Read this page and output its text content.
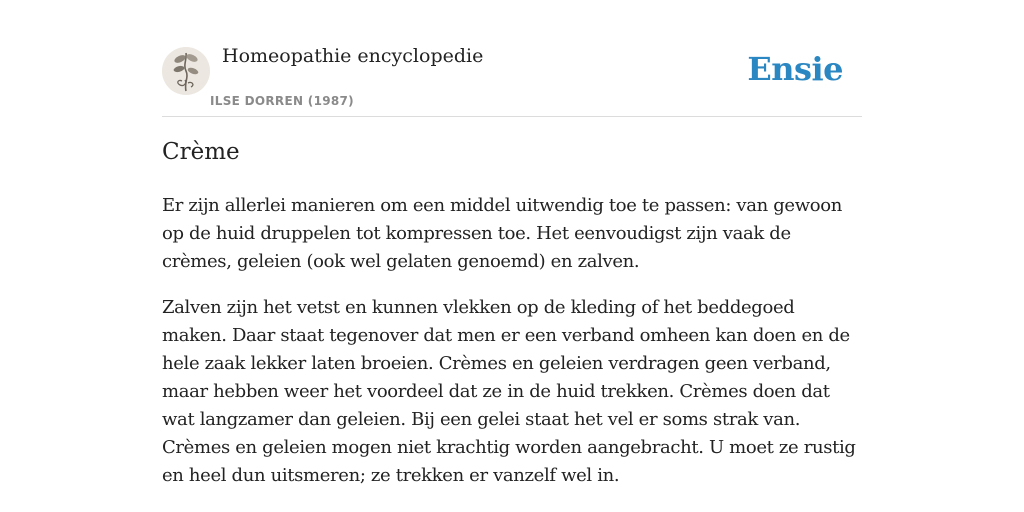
Homeopathie encyclopedie
ILSE DORREN (1987)
Ensie
Crème

Er zijn allerlei manieren om een middel uitwendig toe te passen: van gewoon op de huid druppelen tot kompressen toe. Het eenvoudigst zijn vaak de crèmes, geleien (ook wel gelaten genoemd) en zalven.

Zalven zijn het vetst en kunnen vlekken op de kleding of het beddegoed maken. Daar staat tegenover dat men er een verband omheen kan doen en de hele zaak lekker laten broeien. Crèmes en geleien verdragen geen verband, maar hebben weer het voordeel dat ze in de huid trekken. Crèmes doen dat wat langzamer dan geleien. Bij een gelei staat het vel er soms strak van. Crèmes en geleien mogen niet krachtig worden aangebracht. U moet ze rustig en heel dun uitsmeren; ze trekken er vanzelf wel in.
